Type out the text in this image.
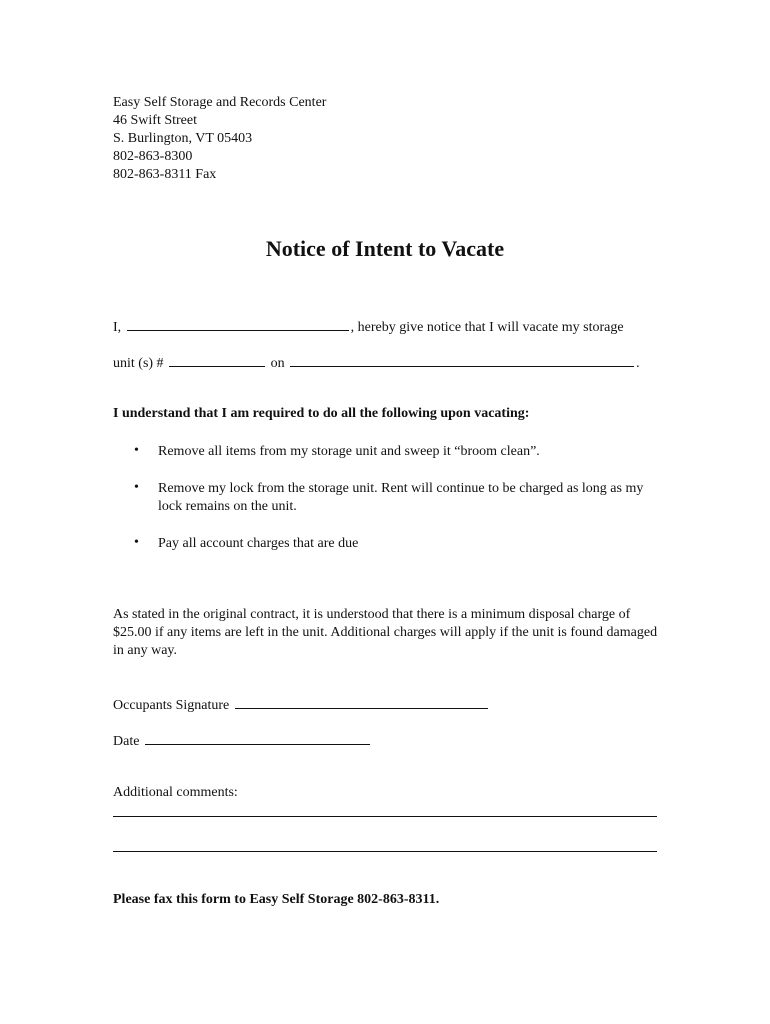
Easy Self Storage and Records Center
46 Swift Street
S. Burlington, VT 05403
802-863-8300
802-863-8311 Fax
Notice of Intent to Vacate
I,	, hereby give notice that I will vacate my storage
unit (s) #	on	.
I understand that I am required to do all the following upon vacating:
• Remove all items from my storage unit and sweep it “broom clean”.
• Remove my lock from the storage unit. Rent will continue to be charged as long as my lock remains on the unit.
• Pay all account charges that are due
As stated in the original contract, it is understood that there is a minimum disposal charge of $25.00 if any items are left in the unit. Additional charges will apply if the unit is found damaged in any way.
Occupants Signature
Date
Additional comments:
Please fax this form to Easy Self Storage 802-863-8311.
